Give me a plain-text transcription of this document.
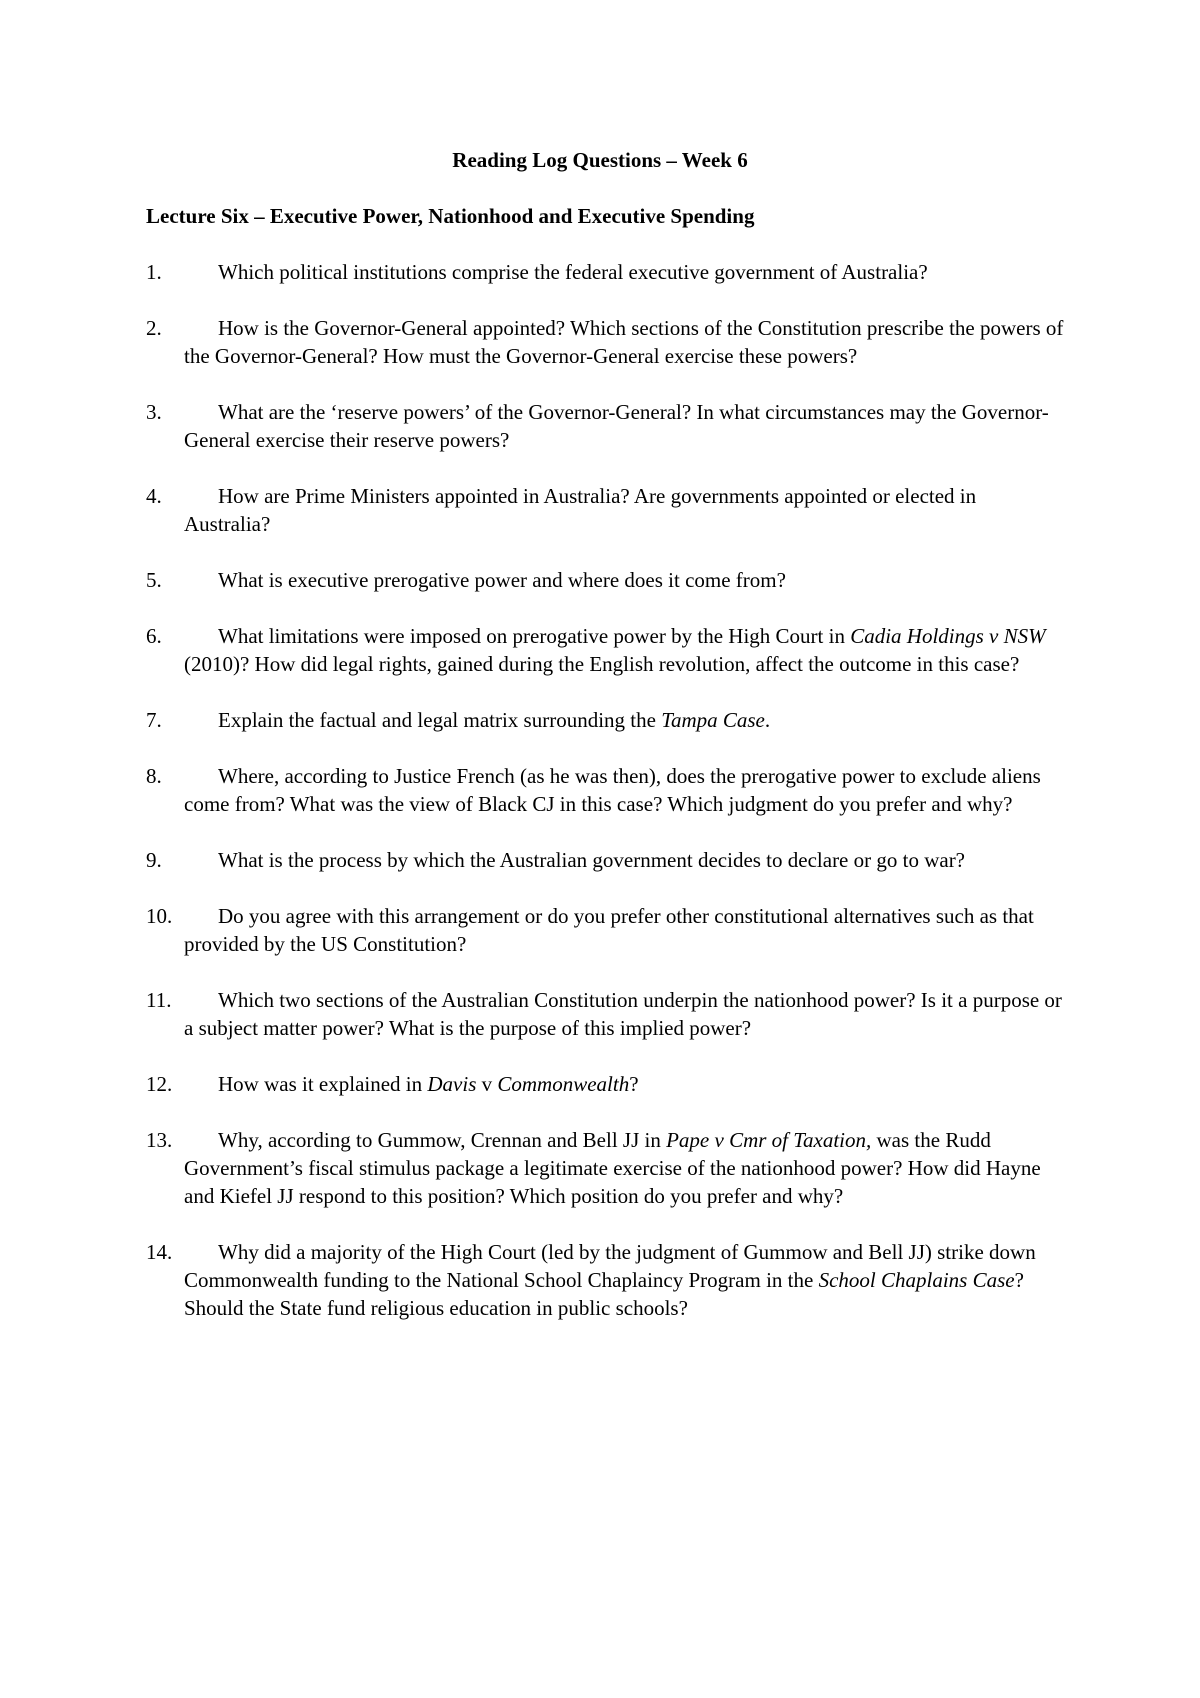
Reading Log Questions – Week 6
Lecture Six – Executive Power, Nationhood and Executive Spending
1.	Which political institutions comprise the federal executive government of Australia?
2.	How is the Governor-General appointed? Which sections of the Constitution prescribe the powers of the Governor-General? How must the Governor-General exercise these powers?
3.	What are the ‘reserve powers’ of the Governor-General? In what circumstances may the Governor-General exercise their reserve powers?
4.	How are Prime Ministers appointed in Australia? Are governments appointed or elected in Australia?
5.	What is executive prerogative power and where does it come from?
6.	What limitations were imposed on prerogative power by the High Court in Cadia Holdings v NSW (2010)? How did legal rights, gained during the English revolution, affect the outcome in this case?
7.	Explain the factual and legal matrix surrounding the Tampa Case.
8.	Where, according to Justice French (as he was then), does the prerogative power to exclude aliens come from? What was the view of Black CJ in this case? Which judgment do you prefer and why?
9.	What is the process by which the Australian government decides to declare or go to war?
10.	Do you agree with this arrangement or do you prefer other constitutional alternatives such as that provided by the US Constitution?
11.	Which two sections of the Australian Constitution underpin the nationhood power? Is it a purpose or a subject matter power? What is the purpose of this implied power?
12.	How was it explained in Davis v Commonwealth?
13.	Why, according to Gummow, Crennan and Bell JJ in Pape v Cmr of Taxation, was the Rudd Government’s fiscal stimulus package a legitimate exercise of the nationhood power? How did Hayne and Kiefel JJ respond to this position? Which position do you prefer and why?
14.	Why did a majority of the High Court (led by the judgment of Gummow and Bell JJ) strike down Commonwealth funding to the National School Chaplaincy Program in the School Chaplains Case? Should the State fund religious education in public schools?
